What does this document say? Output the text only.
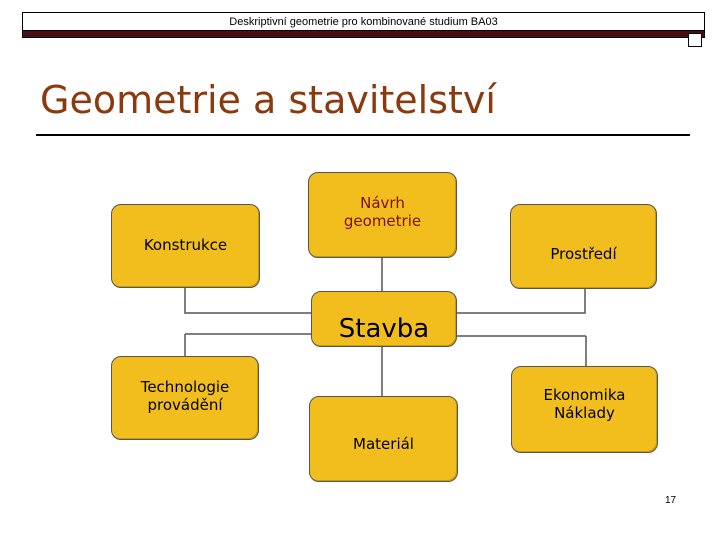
Deskriptivní geometrie pro kombinované studium BA03
Geometrie a stavitelství
Konstrukce
Návrh
geometrie
Prostředí
Stavba
Technologie
provádění
Materiál
Ekonomika
Náklady
17
